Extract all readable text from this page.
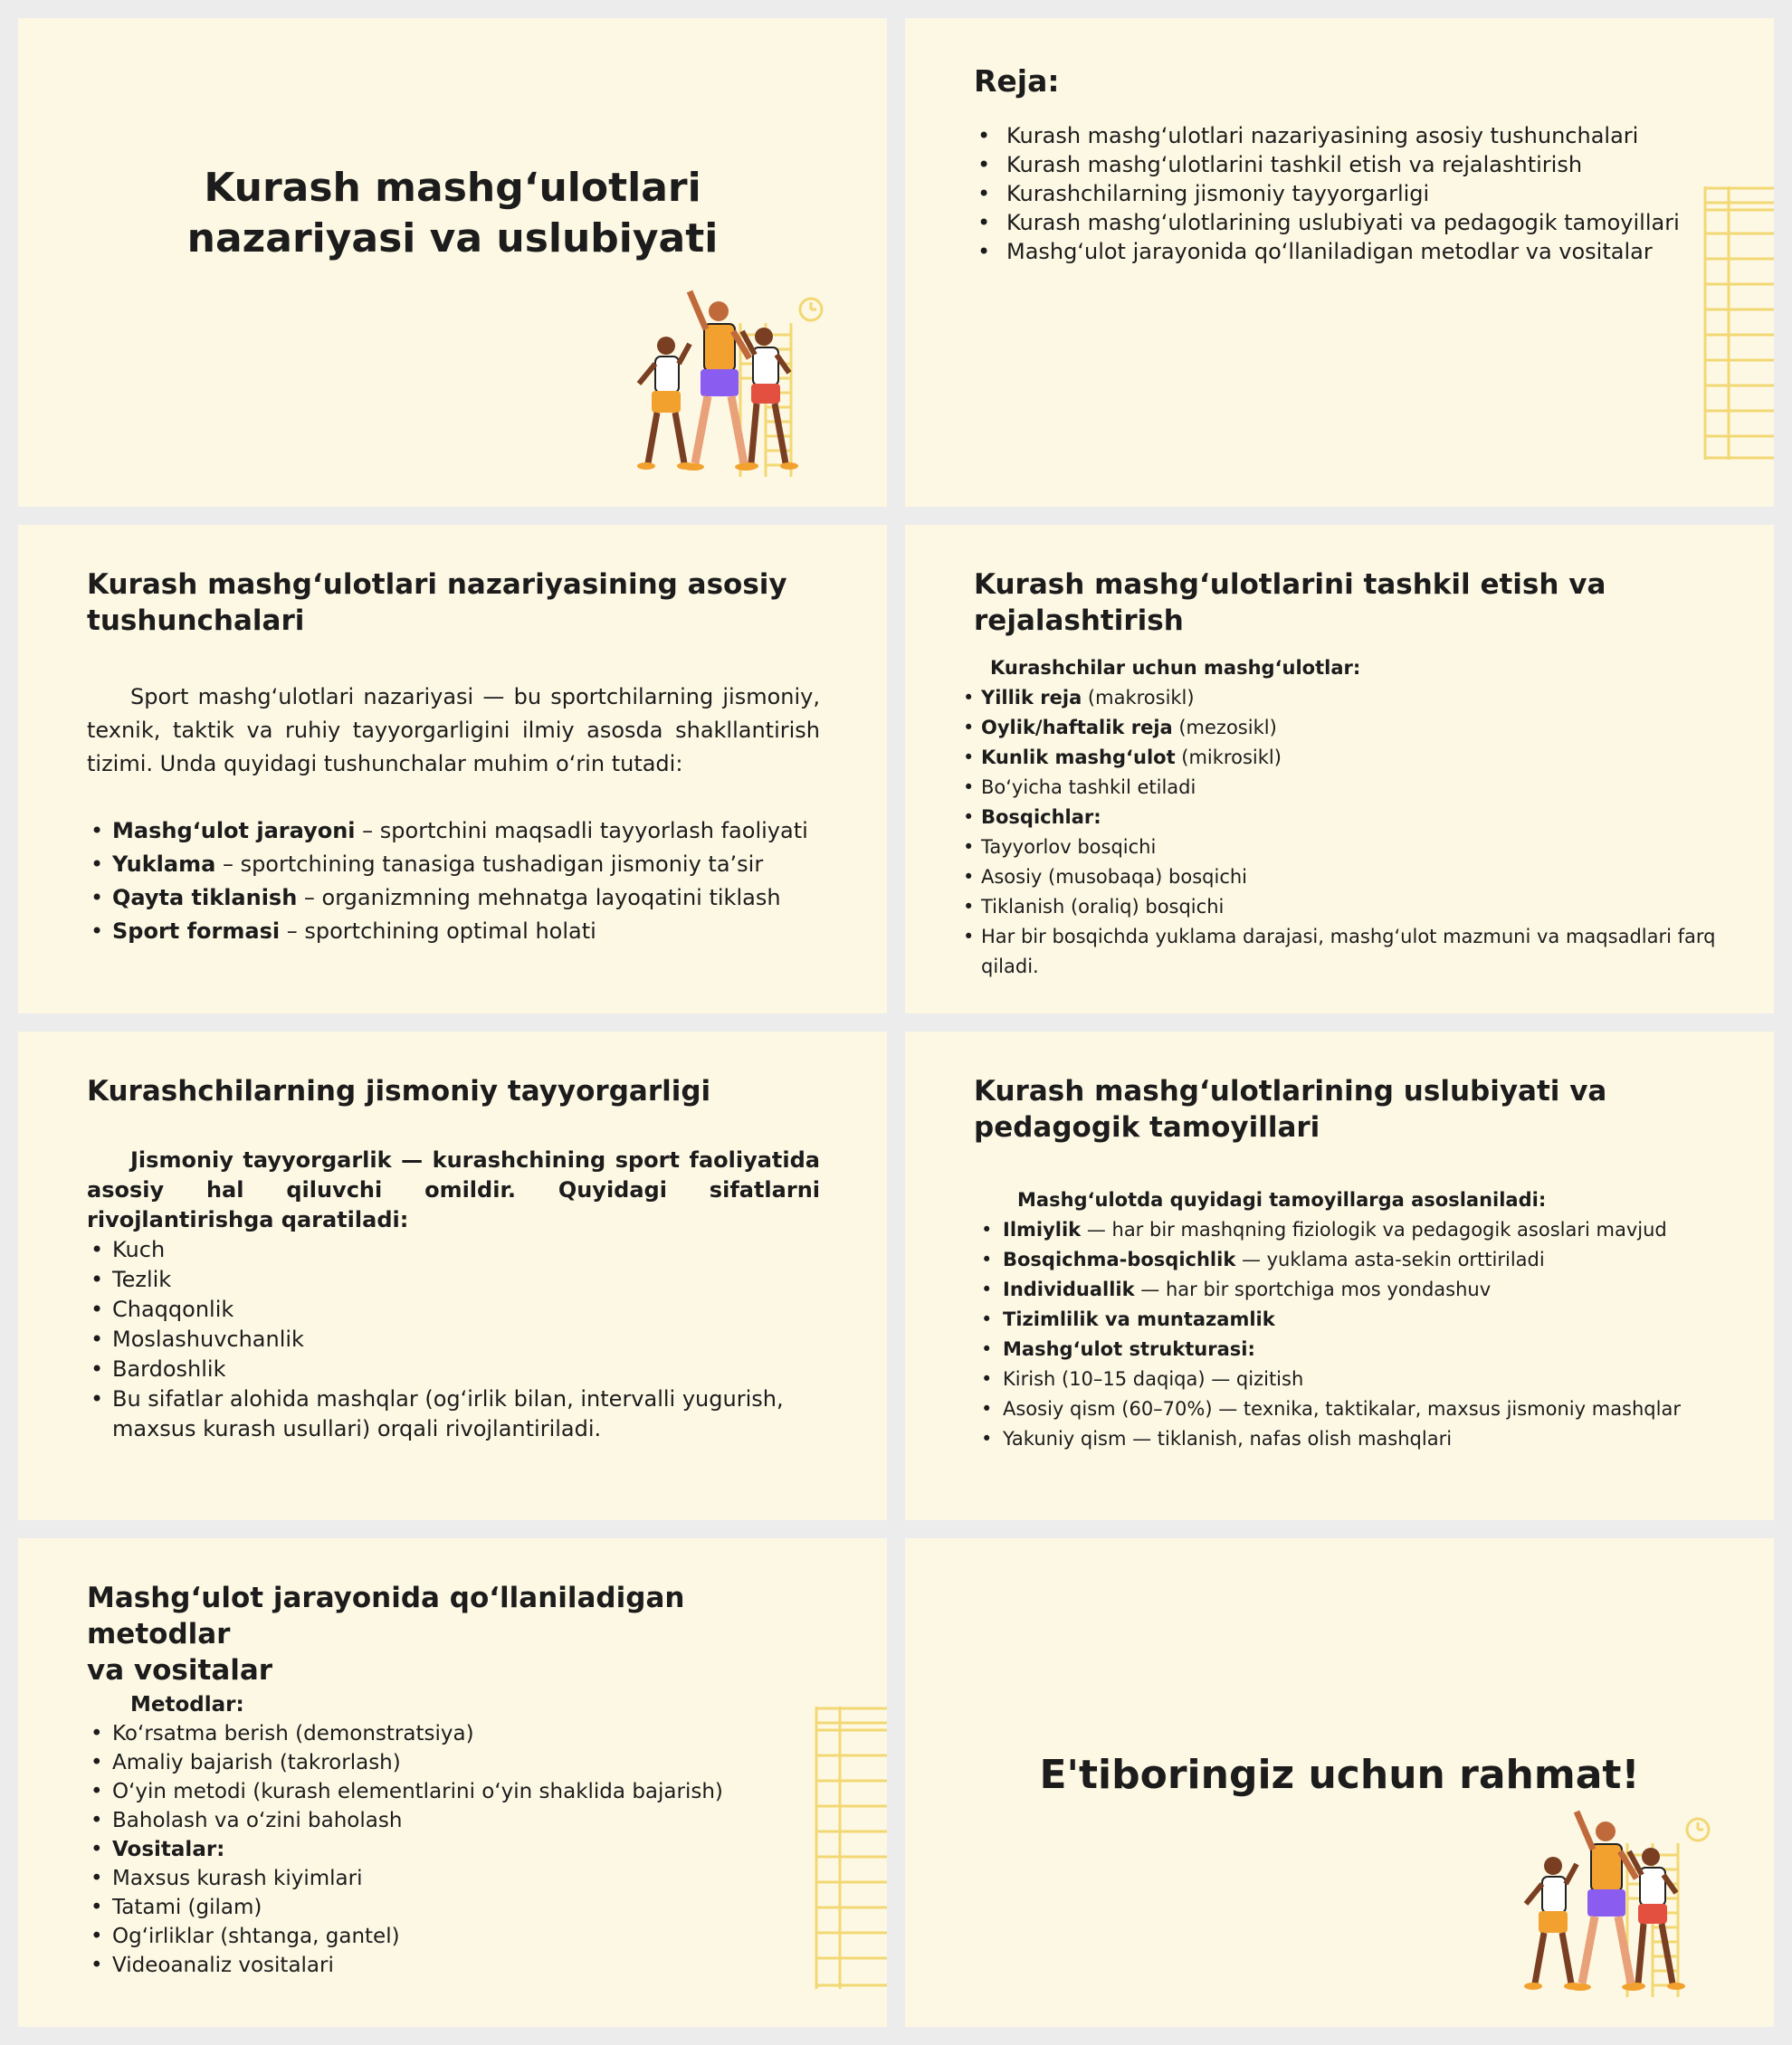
Kurash mashg‘ulotlari
nazariyasi va uslubiyati
Reja:
• Kurash mashg‘ulotlari nazariyasining asosiy tushunchalari
• Kurash mashg‘ulotlarini tashkil etish va rejalashtirish
• Kurashchilarning jismoniy tayyorgarligi
• Kurash mashg‘ulotlarining uslubiyati va pedagogik tamoyillari
• Mashg‘ulot jarayonida qo‘llaniladigan metodlar va vositalar
Kurash mashg‘ulotlari nazariyasining asosiy
tushunchalari
Sport mashg‘ulotlari nazariyasi — bu sportchilarning jismoniy, texnik, taktik va ruhiy tayyorgarligini ilmiy asosda shakllantirish tizimi. Unda quyidagi tushunchalar muhim o‘rin tutadi:
• Mashg‘ulot jarayoni – sportchini maqsadli tayyorlash faoliyati
• Yuklama – sportchining tanasiga tushadigan jismoniy ta’sir
• Qayta tiklanish – organizmning mehnatga layoqatini tiklash
• Sport formasi – sportchining optimal holati
Kurash mashg‘ulotlarini tashkil etish va
rejalashtirish
Kurashchilar uchun mashg‘ulotlar:
• Yillik reja (makrosikl)
• Oylik/haftalik reja (mezosikl)
• Kunlik mashg‘ulot (mikrosikl)
• Bo‘yicha tashkil etiladi
• Bosqichlar:
• Tayyorlov bosqichi
• Asosiy (musobaqa) bosqichi
• Tiklanish (oraliq) bosqichi
• Har bir bosqichda yuklama darajasi, mashg‘ulot mazmuni va maqsadlari farq qiladi.
Kurashchilarning jismoniy tayyorgarligi
Jismoniy tayyorgarlik — kurashchining sport faoliyatida asosiy hal qiluvchi omildir. Quyidagi sifatlarni rivojlantirishga qaratiladi:
• Kuch
• Tezlik
• Chaqqonlik
• Moslashuvchanlik
• Bardoshlik
• Bu sifatlar alohida mashqlar (og‘irlik bilan, intervalli yugurish, maxsus kurash usullari) orqali rivojlantiriladi.
Kurash mashg‘ulotlarining uslubiyati va
pedagogik tamoyillari
Mashg‘ulotda quyidagi tamoyillarga asoslaniladi:
• Ilmiylik — har bir mashqning fiziologik va pedagogik asoslari mavjud
• Bosqichma-bosqichlik — yuklama asta-sekin orttiriladi
• Individuallik — har bir sportchiga mos yondashuv
• Tizimlilik va muntazamlik
• Mashg‘ulot strukturasi:
• Kirish (10–15 daqiqa) — qizitish
• Asosiy qism (60–70%) — texnika, taktikalar, maxsus jismoniy mashqlar
• Yakuniy qism — tiklanish, nafas olish mashqlari
Mashg‘ulot jarayonida qo‘llaniladigan metodlar
va vositalar
Metodlar:
• Ko‘rsatma berish (demonstratsiya)
• Amaliy bajarish (takrorlash)
• O‘yin metodi (kurash elementlarini o‘yin shaklida bajarish)
• Baholash va o‘zini baholash
• Vositalar:
• Maxsus kurash kiyimlari
• Tatami (gilam)
• Og‘irliklar (shtanga, gantel)
• Videoanaliz vositalari
E'tiboringiz uchun rahmat!
